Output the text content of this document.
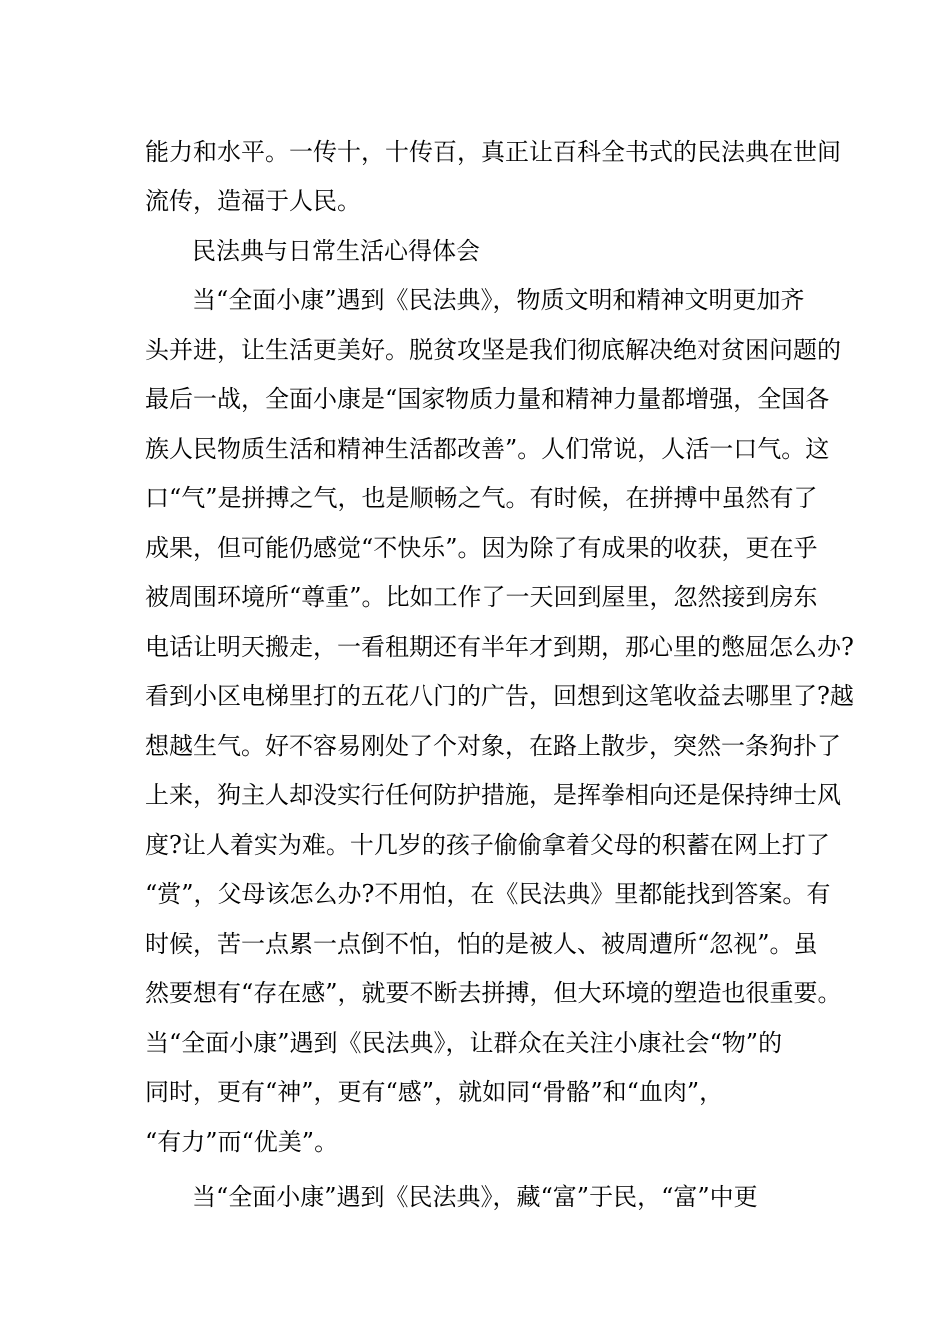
能力和水平。一传十，十传百，真正让百科全书式的民法典在世间
流传，造福于人民。
民法典与日常生活心得体会
当“全面小康”遇到《民法典》，物质文明和精神文明更加齐
头并进，让生活更美好。脱贫攻坚是我们彻底解决绝对贫困问题的
最后一战，全面小康是“国家物质力量和精神力量都增强，全国各
族人民物质生活和精神生活都改善”。人们常说，人活一口气。这
口“气”是拼搏之气，也是顺畅之气。有时候，在拼搏中虽然有了
成果，但可能仍感觉“不快乐”。因为除了有成果的收获，更在乎
被周围环境所“尊重”。比如工作了一天回到屋里，忽然接到房东
电话让明天搬走，一看租期还有半年才到期，那心里的憋屈怎么办?
看到小区电梯里打的五花八门的广告，回想到这笔收益去哪里了?越
想越生气。好不容易刚处了个对象，在路上散步，突然一条狗扑了
上来，狗主人却没实行任何防护措施，是挥拳相向还是保持绅士风
度?让人着实为难。十几岁的孩子偷偷拿着父母的积蓄在网上打了
“赏”，父母该怎么办?不用怕，在《民法典》里都能找到答案。有
时候，苦一点累一点倒不怕，怕的是被人、被周遭所“忽视”。虽
然要想有“存在感”，就要不断去拼搏，但大环境的塑造也很重要。
当“全面小康”遇到《民法典》，让群众在关注小康社会“物”的
同时，更有“神”，更有“感”，就如同“骨骼”和“血肉”，
“有力”而“优美”。
当“全面小康”遇到《民法典》，藏“富”于民，“富”中更
